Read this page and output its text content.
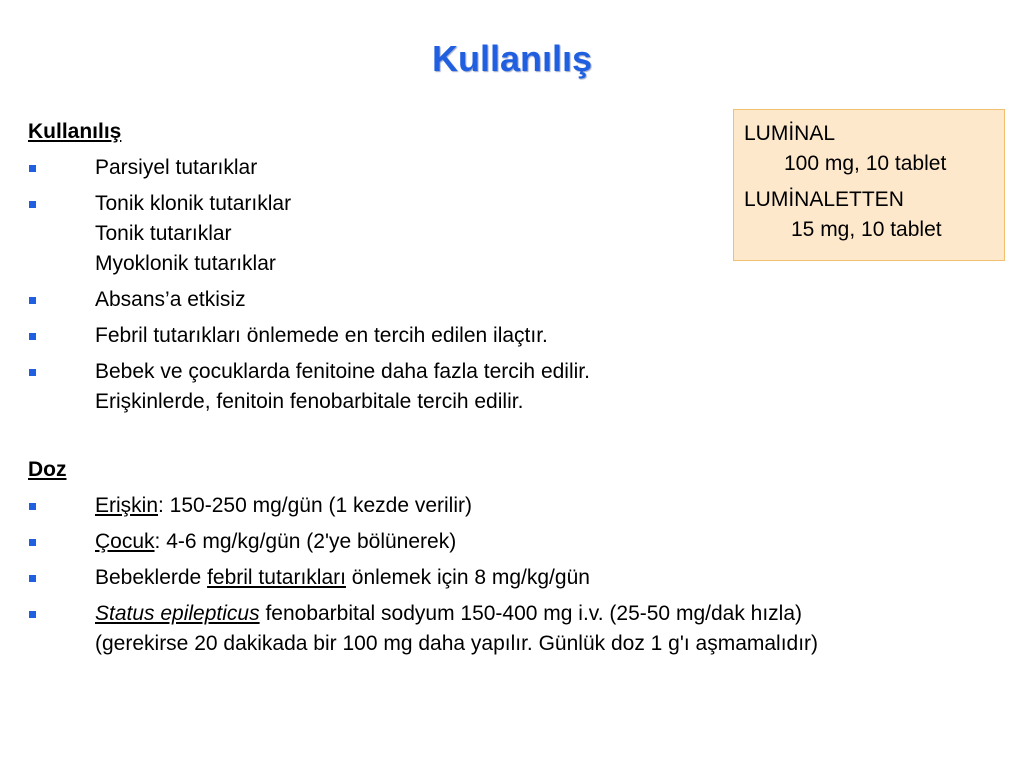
Kullanılış
Kullanılış
Parsiyel tutarıklar
Tonik klonik tutarıklar
Tonik tutarıklar
Myoklonik tutarıklar
Absans’a etkisiz
Febril tutarıkları önlemede en tercih edilen ilaçtır.
Bebek ve çocuklarda fenitoine daha fazla tercih edilir.
Erişkinlerde, fenitoin fenobarbitale tercih edilir.
Doz
Erişkin: 150-250 mg/gün (1 kezde verilir)
Çocuk: 4-6 mg/kg/gün (2'ye bölünerek)
Bebeklerde febril tutarıkları önlemek için 8 mg/kg/gün
Status epilepticus fenobarbital sodyum 150-400 mg i.v. (25-50 mg/dak hızla)
(gerekirse 20 dakikada bir 100 mg daha yapılır. Günlük doz 1 g'ı aşmamalıdır)
LUMİNAL
100 mg, 10 tablet
LUMİNALETTEN
15 mg, 10 tablet
